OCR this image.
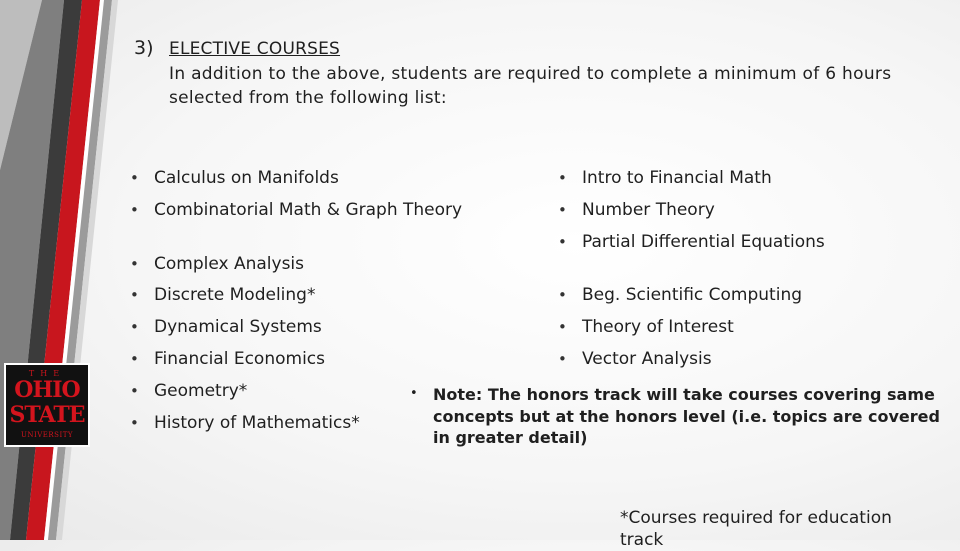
3) ELECTIVE COURSES
In addition to the above, students are required to complete a minimum of 6 hours selected from the following list:
• Calculus on Manifolds
• Combinatorial Math & Graph Theory
• Complex Analysis
• Discrete Modeling*
• Dynamical Systems
• Financial Economics
• Geometry*
• History of Mathematics*
• Intro to Financial Math
• Number Theory
• Partial Differential Equations
• Beg. Scientific Computing
• Theory of Interest
• Vector Analysis
• Note: The honors track will take courses covering same concepts but at the honors level (i.e. topics are covered in greater detail)
*Courses required for education track
THE
OHIO
STATE
UNIVERSITY
